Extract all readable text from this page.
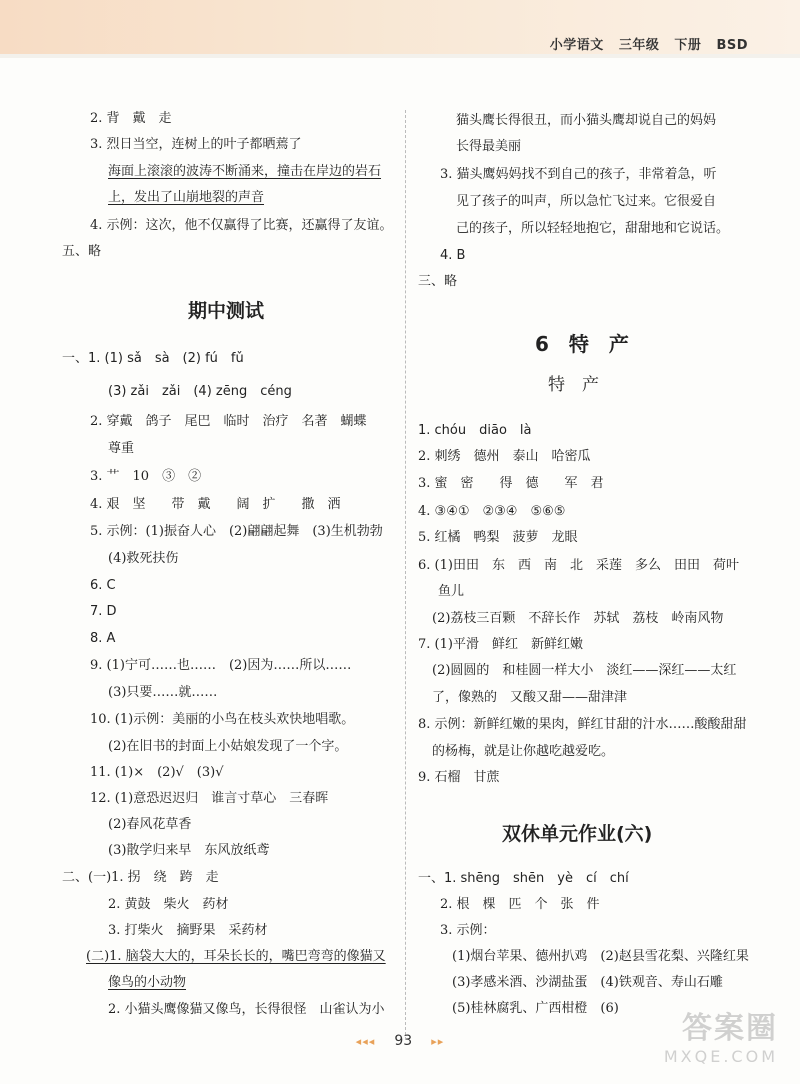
小学语文 三年级 下册 BSD
2. 背　戴　走
3. 烈日当空，连树上的叶子都晒蔫了
海面上滚滚的波涛不断涌来，撞击在岸边的岩石
上，发出了山崩地裂的声音
4. 示例：这次，他不仅赢得了比赛，还赢得了友谊。
五、略
期中测试
一、1. (1) sǎ　sà　(2) fú　fǔ
(3) zǎi　zǎi　(4) zēng　céng
2. 穿戴　鸽子　尾巴　临时　治疗　名著　蝴蝶
尊重
3. 艹　10　③　②
4. 艰　坚　　带　戴　　阔　扩　　撒　洒
5. 示例：(1)振奋人心　(2)翩翩起舞　(3)生机勃勃
(4)救死扶伤
6. C
7. D
8. A
9. (1)宁可……也……　(2)因为……所以……
(3)只要……就……
10. (1)示例：美丽的小鸟在枝头欢快地唱歌。
(2)在旧书的封面上小姑娘发现了一个字。
11. (1)×　(2)√　(3)√
12. (1)意恐迟迟归　谁言寸草心　三春晖
(2)春风花草香
(3)散学归来早　东风放纸鸢
二、(一)1. 拐　绕　跨　走
2. 黄鼓　柴火　药材
3. 打柴火　摘野果　采药材
(二)1. 脑袋大大的，耳朵长长的，嘴巴弯弯的像猫又
像鸟的小动物
2. 小猫头鹰像猫又像鸟，长得很怪　山雀认为小
猫头鹰长得很丑，而小猫头鹰却说自己的妈妈
长得最美丽
3. 猫头鹰妈妈找不到自己的孩子，非常着急，听
见了孩子的叫声，所以急忙飞过来。它很爱自
己的孩子，所以轻轻地抱它，甜甜地和它说话。
4. B
三、略
6　特　产
特　产
1. chóu　diāo　là
2. 刺绣　德州　泰山　哈密瓜
3. 蜜　密　　得　德　　军　君
4. ③④①　②③④　⑤⑥⑤
5. 红橘　鸭梨　菠萝　龙眼
6. (1)田田　东　西　南　北　采莲　多么　田田　荷叶
鱼儿
(2)荔枝三百颗　不辞长作　苏轼　荔枝　岭南风物
7. (1)平滑　鲜红　新鲜红嫩
(2)圆圆的　和桂圆一样大小　淡红——深红——太红
了，像熟的　又酸又甜——甜津津
8. 示例：新鲜红嫩的果肉，鲜红甘甜的汁水……酸酸甜甜
的杨梅，就是让你越吃越爱吃。
9. 石榴　甘蔗
双休单元作业(六)
一、1. shēng　shēn　yè　cí　chí
2. 根　棵　匹　个　张　件
3. 示例：
(1)烟台苹果、德州扒鸡　(2)赵县雪花梨、兴隆红果
(3)孝感米酒、沙湖盐蛋　(4)铁观音、寿山石雕
(5)桂林腐乳、广西柑橙　(6)
◂◂◂ 93 ▸▸	答案圈
MXQE.COM
